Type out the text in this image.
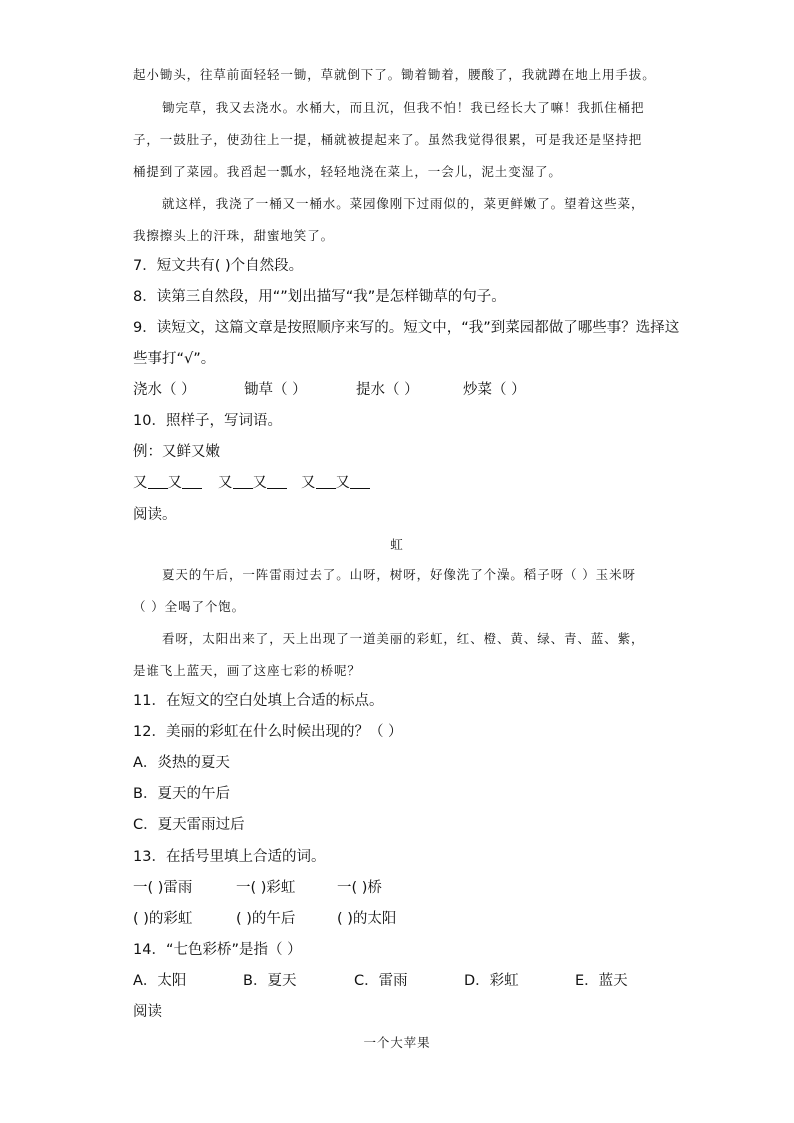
起小锄头，往草前面轻轻一锄，草就倒下了。锄着锄着，腰酸了，我就蹲在地上用手拔。
锄完草，我又去浇水。水桶大，而且沉，但我不怕！我已经长大了嘛！我抓住桶把
子，一鼓肚子，使劲往上一提，桶就被提起来了。虽然我觉得很累，可是我还是坚持把
桶提到了菜园。我舀起一瓢水，轻轻地浇在菜上，一会儿，泥土变湿了。
就这样，我浇了一桶又一桶水。菜园像刚下过雨似的，菜更鲜嫩了。望着这些菜，
我擦擦头上的汗珠，甜蜜地笑了。
7．短文共有( )个自然段。
8．读第三自然段，用“”划出描写“我”是怎样锄草的句子。
9．读短文，这篇文章是按照顺序来写的。短文中，“我”到菜园都做了哪些事？选择这
些事打“√”。
浇水（ ）	锄草（ ）	提水（ ）	炒菜（ ）
10．照样子，写词语。
例：又鲜又嫩
又 又	又 又	又 又
阅读。
虹
夏天的午后，一阵雷雨过去了。山呀，树呀，好像洗了个澡。稻子呀（ ）玉米呀
（ ）全喝了个饱。
看呀，太阳出来了，天上出现了一道美丽的彩虹，红、橙、黄、绿、青、蓝、紫，
是谁飞上蓝天，画了这座七彩的桥呢？
11．在短文的空白处填上合适的标点。
12．美丽的彩虹在什么时候出现的？（ ）
A．炎热的夏天
B．夏天的午后
C．夏天雷雨过后
13．在括号里填上合适的词。
一( )雷雨	一( )彩虹	一( )桥
( )的彩虹	( )的午后	( )的太阳
14．“七色彩桥”是指（ ）
A．太阳	B．夏天	C．雷雨	D．彩虹	E．蓝天
阅读
一个大苹果
